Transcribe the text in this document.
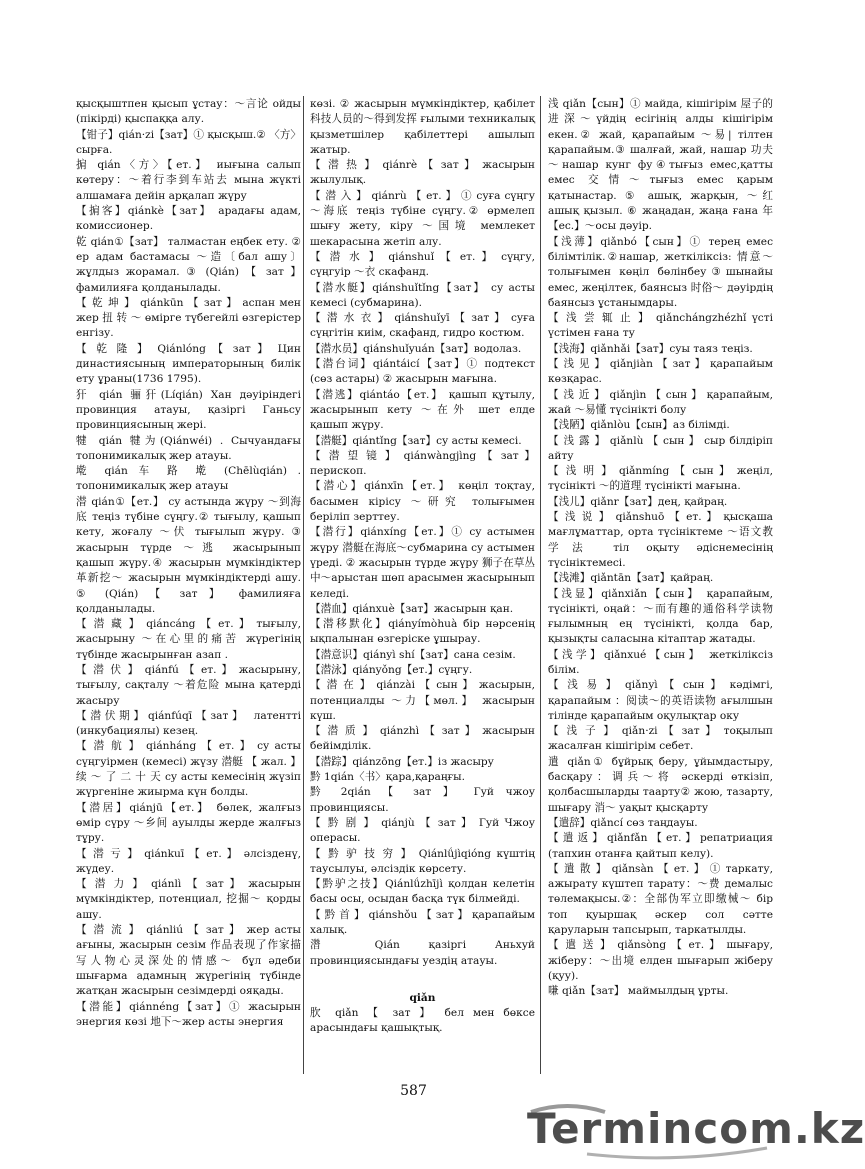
қысқыштпен қысып ұстау：～言论 ойды (пікірді) қыспаққа алу.

【钳子】qián·zi【зат】① қысқыш.② 〈方〉сырға.

掮 qián〈方〉【ет.】 иығына салып көтеру：～着行李到车站去 мына жүкті алшамаға дейін арқалап жүру

【掮客】qiánkè【зат】 арадағы адам, комиссионер.

乾 qián①【зат】 талмастан еңбек ету. ② ер адам бастамасы ～造〔бал ашу〕 жұлдыз жорамал. ③ (Qián) 【 зат 】 фамилияға қолданылады.

【 乾 坤 】 qiánkūn 【 зат 】 аспан мен жер 扭 转 ～ өмірге түбегейлі өзгерістер енгізу.

【 乾 隆 】 Qiánlóng 【 зат 】 Цин династиясының императорының билік ету ұраны(1736 1795).

犴 qián 骊犴(Líqián) Хан дәуіріндегі провинция атауы, қазіргі Ганьсу провинциясының жері.

犍 qián 犍为(Qiánwéi) . Сычуандағы топонимикалық жер атауы.

墘 qián 车 路 墘 (Chēlùqián) . топонимикалық жер атауы

潜 qián①【ет.】 су астында жүру ～到海底 теңіз түбіне сүңгу.② тығылу, қашып кету, жоғалу ～伏 тығылып жүру. ③ жасырын түрде ～逃 жасырынып қашып жүру.④ жасырын мүмкіндіктер 革新挖～ жасырын мүмкіндіктерді ашу. ⑤ (Qián) 【 зат 】 фамилияға қолданылады.

【 潜 藏 】 qiáncáng 【 ет. 】 тығылу, жасырыну ～在心里的痛苦 жүрегінің түбінде жасырынған азап .

【 潜 伏 】 qiánfú 【 ет. 】 жасырыну, тығылу, сақталу ～着危险 мына қатерді жасыру

【潜伏期】qiánfúqī【зат】 латентті (инкубациялы) кезең.

【 潜 航 】 qiánháng 【 ет. 】 су асты сүңгуірмен (кемесі) жүзу 潜艇 【 жал. 】 续 ～ 了 二 十 天 су асты кемесінің жүзіп жүргеніне жиырма күн болды.

【潜居】qiánjū【ет.】 бөлек, жалғыз өмір сүру ～乡间 ауылды жерде жалғыз тұру.

【 潜 亏 】 qiánkuī 【 ет. 】 әлсізденү, жүдеу.

【 潜 力 】 qiánlì 【 зат 】 жасырын мүмкіндіктер, потенциал, 挖掘～ қорды ашу.

【 潜 流 】 qiánliú 【 зат 】 жер асты ағыны, жасырын сезім 作品表现了作家描写人物心灵深处的情感～ бұл әдеби шығарма адамның жүрегінің түбінде жатқан жасырын сезімдерді ояқады.

【潜能】qiánnéng【зат】① жасырын энергия көзі 地下～жер асты энергия

көзі. ② жасырын мүмкіндіктер, қабілет 科技人员的～得到发挥 ғылыми техникалық қызметшілер қабілеттері ашылып жатыр.

【 潜 热 】 qiánrè 【 зат 】 жасырын жылулық.

【 潜 入 】 qiánrù 【 ет. 】 ① суға сүңгу ～海底 теңіз түбіне сүңгу.② өрмелеп шығу жету, кіру ～国境 мемлекет шекарасына жетіп алу.

【 潜 水 】 qiánshuǐ 【 ет. 】 сүңгу, сүңгуір ～衣 скафанд.

【潜水艇】qiánshuǐtǐng【зат】 су асты кемесі (субмарина).

【 潜 水 衣 】 qiánshuǐyī 【 зат 】 суға сүңгітін киім, скафанд, гидро костюм.

【潜水员】qiánshuǐyuán【зат】водолаз.

【潜台词】qiántáicí【зат】① подтекст (сөз астары) ② жасырын мағына.

【潜逃】qiántáo【ет.】 қашып құтылу, жасырынып кету ～在外 шет елде қашып жүру.

【潜艇】qiántǐng【зат】су асты кемесі.

【 潜 望 镜 】 qiánwàngjìng 【 зат 】 перископ.

【潜心】qiánxīn【ет.】 көңіл тоқтау, басымен кірісу ～研究 толығымен беріліп зерттеу.

【潜行】qiánxíng【ет.】① су астымен жүру 潜艇在海底～субмарина су астымен үреді. ② жасырын түрде жүру 狮子在草丛中～арыстан шөп арасымен жасырынып келеді.

【潜血】qiánxuè【зат】жасырын қан.

【潜移默化】qiányímòhuà бір нәрсенің ықпалынан өзгеріске ұшырау.

【潜意识】qiányì shí【зат】сана сезім.

【潜泳】qiányǒng【ет.】сүңгу.

【 潜 在 】 qiánzài 【 сын 】 жасырын, потенциалды ～力【мөл.】 жасырын күш.

【 潜 质 】 qiánzhì 【 зат 】 жасырын бейімділік.

【潜踪】qiánzōng【ет.】із жасыру

黔 1qián〈书〉қара,қараңғы.

黔 2qián 【 зат 】 Гуй чжоу провинциясы.

【 黔 剧 】 qiánjù 【 зат 】 Гуй Чжоу операсы.

【 黔 驴 技 穷 】 Qiánlǘjìqióng күштің таусылуы, әлсіздік көрсету.

【黔驴之技】Qiánlǘzhījì қолдан келетін басы осы, осыдан басқа түк білмейді.

【 黔 首 】 qiánshǒu 【 зат 】 қарапайым халық.

濳 Qián қазіргі Аньхуй провинциясындағы уездің атауы.

qiǎn

肷 qiǎn 【 зат 】 бел мен бөксе арасындағы қашықтық.

浅 qiǎn【сын】① майда, кішігірім 屋子的进深～үйдің есігінің алды кішігірім екен.② жай, қарапайым ～易| тілтен қарапайым.③ шалғай, жай, нашар 功夫～нашар кунг фу④тығыз емес,қатты емес 交情～тығыз емес қарым қатынастар. ⑤ ашық, жарқын, ～红 ашық қызыл. ⑥ жаңадан, жаңа ғана 年【ес.】～осы дәуір.

【浅薄】qiǎnbó【сын】① терең емес білімтілік.②нашар, жеткіліксіз: 情意～ толығымен көңіл бөлінбеу③шынайы емес, жеңілтек, баянсыз 时俗～ дәуірдің баянсыз ұстанымдары.

【 浅 尝 辄 止 】 qiǎnchángzhézhǐ үсті үстімен ғана ту

【浅海】qiǎnhǎi【зат】суы таяз теңіз.

【 浅 见 】 qiǎnjiàn 【 зат 】 қарапайым көзқарас.

【 浅 近 】 qiǎnjìn 【 сын 】 қарапайым, жай ～易懂 түсінікті болу

【浅陋】qiǎnlòu【сын】аз білімді.

【 浅 露 】 qiǎnlù 【 сын 】 сыр білдіріп айту

【 浅 明 】 qiǎnmíng 【 сын 】 жеңіл, түсінікті ～的道理 түсінікті мағына.

【浅儿】qiǎnr【зат】дең, қайраң.

【 浅 说 】 qiǎnshuō 【 ет. 】 қысқаша мағлұматтар, орта түсініктеме ～语文教学法 тіл оқыту әдіснемесінің түсініктемесі.

【浅滩】qiǎntān【зат】қайраң.

【浅显】qiǎnxiǎn【сын】 қарапайым, түсінікті, оңай：～而有趣的通俗科学读物 ғылымның ең түсінікті, қолда бар, қызықты саласына кітаптар жатады.

【浅学】qiǎnxué【сын】 жеткіліксіз білім.

【 浅 易 】 qiǎnyì 【 сын 】 кәдімгі, қарапайым ：阅读～的英语读物 ағылшын тілінде қарапайым оқулықтар оку

【 浅 子 】 qiǎn·zi 【 зат 】 тоқылып жасалған кішігірім себет.

遣 qiǎn① бұйрық беру, ұйымдастыру, басқару：调兵～将 әскерді өткізіп, қолбасшыларды таарту② жою, тазарту, шығару 消～ уақыт қысқарту

【遣辞】qiǎncí сөз таңдауы.

【 遣 返 】 qiǎnfǎn 【 ет. 】 репатриация (тапхин отанға қайтып келу).

【 遣 散 】 qiǎnsàn 【 ет. 】 ① таркату, ажырату күштеп тарату：～费 демалыс төлемақысы.②：全部伪军立即缴械～ бір топ қуыршақ әскер сол сәтте қаруларын тапсырып, таркатылды.

【 遣 送 】 qiǎnsòng 【 ет. 】 шығару, жіберу：～出境 елден шығарып жіберу (қуу).

嗛 qiǎn【зат】 маймылдың ұрты.

587
Termincom.kz
